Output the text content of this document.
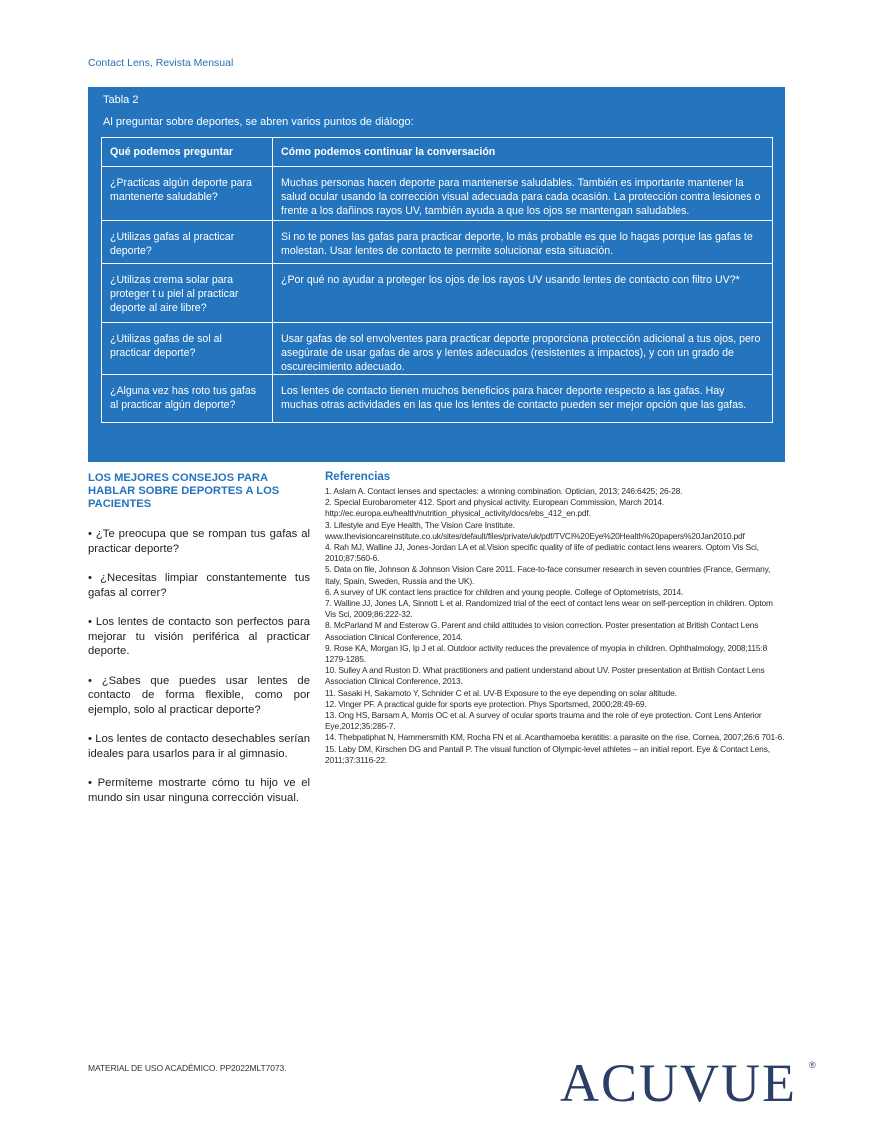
Contact Lens, Revista Mensual
Tabla 2
Al preguntar sobre deportes, se abren varios puntos de diálogo:
Qué podemos preguntar	Cómo podemos continuar la conversación
¿Practicas algún deporte para mantenerte saludable?	Muchas personas hacen deporte para mantenerse saludables. También es importante mantener la salud ocular usando la corrección visual adecuada para cada ocasión. La protección contra lesiones o frente a los dañinos rayos UV, también ayuda a que los ojos se mantengan saludables.
¿Utilizas gafas al practicar deporte?	Si no te pones las gafas para practicar deporte, lo más probable es que lo hagas porque las gafas te molestan. Usar lentes de contacto te permite solucionar esta situación.
¿Utilizas crema solar para proteger t u piel al practicar deporte al aire libre?	¿Por qué no ayudar a proteger los ojos de los rayos UV usando lentes de contacto con filtro UV?*
¿Utilizas gafas de sol al practicar deporte?	Usar gafas de sol envolventes para practicar deporte proporciona protección adicional a tus ojos, pero asegúrate de usar gafas de aros y lentes adecuados (resistentes a impactos), y con un grado de oscurecimiento adecuado.
¿Alguna vez has roto tus gafas al practicar algún deporte?	Los lentes de contacto tienen muchos beneficios para hacer deporte respecto a las gafas. Hay muchas otras actividades en las que los lentes de contacto pueden ser mejor opción que las gafas.
LOS MEJORES CONSEJOS PARA HABLAR SOBRE DEPORTES A LOS PACIENTES
• ¿Te preocupa que se rompan tus gafas al practicar deporte?
• ¿Necesitas limpiar constantemente tus gafas al correr?
• Los lentes de contacto son perfectos para mejorar tu visión periférica al practicar deporte.
• ¿Sabes que puedes usar lentes de contacto de forma flexible, como por ejemplo, solo al practicar deporte?
• Los lentes de contacto desechables serían ideales para usarlos para ir al gimnasio.
• Permíteme mostrarte cómo tu hijo ve el mundo sin usar ninguna corrección visual.
Referencias
1. Aslam A. Contact lenses and spectacles: a winning combination. Optician, 2013; 246:6425; 26-28.
2. Special Eurobarometer 412. Sport and physical activity. European Commission, March 2014. http://ec.europa.eu/health/nutrition_physical_activity/docs/ebs_412_en.pdf.
3. Lifestyle and Eye Health, The Vision Care Institute. www.thevisioncareinstitute.co.uk/sites/default/files/private/uk/pdf/TVCI%20Eye%20Health%20papers%20Jan2010.pdf
4. Rah MJ, Walline JJ, Jones-Jordan LA et al.Vision specific quality of life of pediatric contact lens wearers. Optom Vis Sci, 2010;87:560-6.
5. Data on file, Johnson & Johnson Vision Care 2011. Face-to-face consumer research in seven countries (France, Germany, Italy, Spain, Sweden, Russia and the UK).
6. A survey of UK contact lens practice for children and young people. College of Optometrists, 2014.
7. Walline JJ, Jones LA, Sinnott L et al. Randomized trial of the eect of contact lens wear on self-perception in children. Optom Vis Sci, 2009;86:222-32.
8. McParland M and Esterow G. Parent and child attitudes to vision correction. Poster presentation at British Contact Lens Association Clinical Conference, 2014.
9. Rose KA, Morgan IG, Ip J et al. Outdoor activity reduces the prevalence of myopia in children. Ophthalmology, 2008;115:8 1279-1285.
10. Sulley A and Ruston D. What practitioners and patient understand about UV. Poster presentation at British Contact Lens Association Clinical Conference, 2013.
11. Sasaki H, Sakamoto Y, Schnider C et al. UV-B Exposure to the eye depending on solar altitude.
12. Vinger PF. A practical guide for sports eye protection. Phys Sportsmed, 2000;28:49-69.
13. Ong HS, Barsam A, Morris OC et al. A survey of ocular sports trauma and the role of eye protection. Cont Lens Anterior Eye,2012;35:285-7.
14. Thebpatiphat N, Hammersmith KM, Rocha FN et al. Acanthamoeba keratitis: a parasite on the rise. Cornea, 2007;26:6 701-6.
15. Laby DM, Kirschen DG and Pantall P. The visual function of Olympic-level athletes – an initial report. Eye & Contact Lens, 2011;37:3116-22.
MATERIAL DE USO ACADÉMICO. PP2022MLT7073.	ACUVUE ®
